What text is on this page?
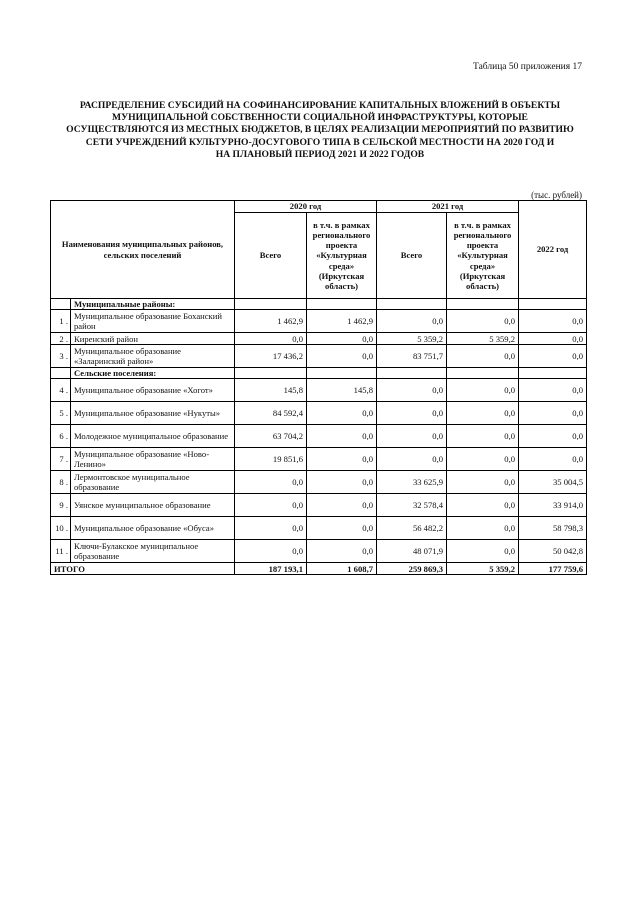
Таблица 50 приложения 17
РАСПРЕДЕЛЕНИЕ СУБСИДИЙ НА СОФИНАНСИРОВАНИЕ КАПИТАЛЬНЫХ ВЛОЖЕНИЙ В ОБЪЕКТЫ
МУНИЦИПАЛЬНОЙ СОБСТВЕННОСТИ СОЦИАЛЬНОЙ ИНФРАСТРУКТУРЫ, КОТОРЫЕ
ОСУЩЕСТВЛЯЮТСЯ ИЗ МЕСТНЫХ БЮДЖЕТОВ, В ЦЕЛЯХ РЕАЛИЗАЦИИ МЕРОПРИЯТИЙ ПО РАЗВИТИЮ
СЕТИ УЧРЕЖДЕНИЙ КУЛЬТУРНО-ДОСУГОВОГО ТИПА В СЕЛЬСКОЙ МЕСТНОСТИ НА 2020 ГОД И
НА ПЛАНОВЫЙ ПЕРИОД 2021 И 2022 ГОДОВ
(тыс. рублей)
Наименования муниципальных районов, сельских поселений		2020 год		2021 год		2022 год
		Всего	в т.ч. в рамках регионального проекта «Культурная среда» (Иркутская область)	Всего	в т.ч. в рамках регионального проекта «Культурная среда» (Иркутская область)	
	Муниципальные районы:					
1 .	Муниципальное образование Боханский район	1 462,9	1 462,9	0,0	0,0	0,0
2 .	Киренский район	0,0	0,0	5 359,2	5 359,2	0,0
3 .	Муниципальное образование «Заларинский район»	17 436,2	0,0	83 751,7	0,0	0,0
	Сельские поселения:					
4 .	Муниципальное образование «Хогот»	145,8	145,8	0,0	0,0	0,0
5 .	Муниципальное образование «Нукуты»	84 592,4	0,0	0,0	0,0	0,0
6 .	Молодежное муниципальное образование	63 704,2	0,0	0,0	0,0	0,0
7 .	Муниципальное образование «Ново-Ленино»	19 851,6	0,0	0,0	0,0	0,0
8 .	Лермонтовское муниципальное образование	0,0	0,0	33 625,9	0,0	35 004,5
9 .	Уянское муниципальное образование	0,0	0,0	32 578,4	0,0	33 914,0
10 .	Муниципальное образование «Обуса»	0,0	0,0	56 482,2	0,0	58 798,3
11 .	Ключи-Булакское муниципальное образование	0,0	0,0	48 071,9	0,0	50 042,8
ИТОГО		187 193,1	1 608,7	259 869,3	5 359,2	177 759,6
